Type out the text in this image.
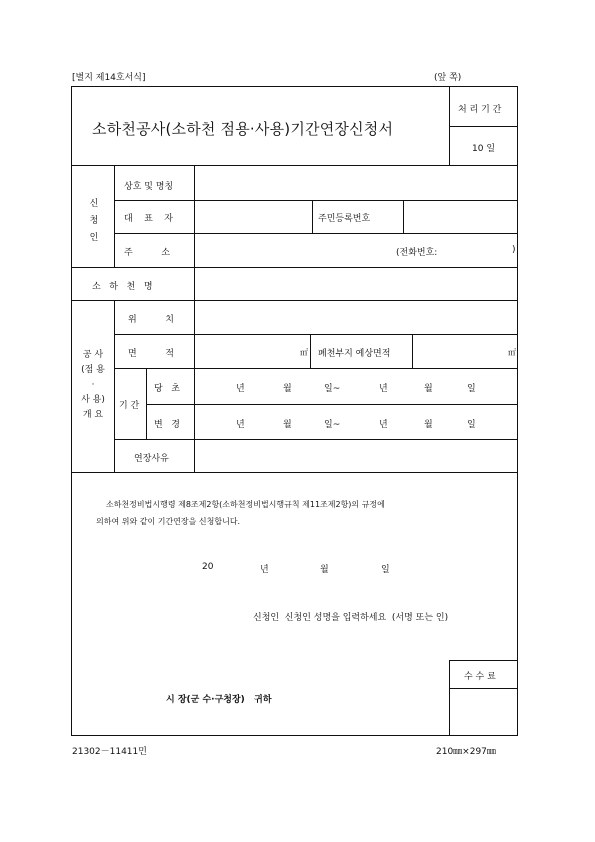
[별지 제14호서식]	(앞 쪽)
소하천공사(소하천 점용·사용)기간연장신청서
처 리 기 간
10 일
신
청
인
상호 및 명칭
대    표    자	주민등록번호
주          소	(전화번호:	)
소   하   천   명
공 사
(점 용
·
사 용)
개 요
위          치
면          적	㎡ 폐천부지 예상면적	㎡
기 간
당   초	년	월	일~	년	월	일
변   경	년	월	일~	년	월	일
연장사유
소하천정비법시행령 제8조제2항(소하천정비법시행규칙 제11조제2항)의 규정에
의하여 위와 같이 기간연장을 신청합니다.
20	년	월	일
신청인  신청인 성명을 입력하세요  (서명 또는 인)
시 장(군 수·구청장)   귀하
수 수 료
21302－11411민	210㎜×297㎜
